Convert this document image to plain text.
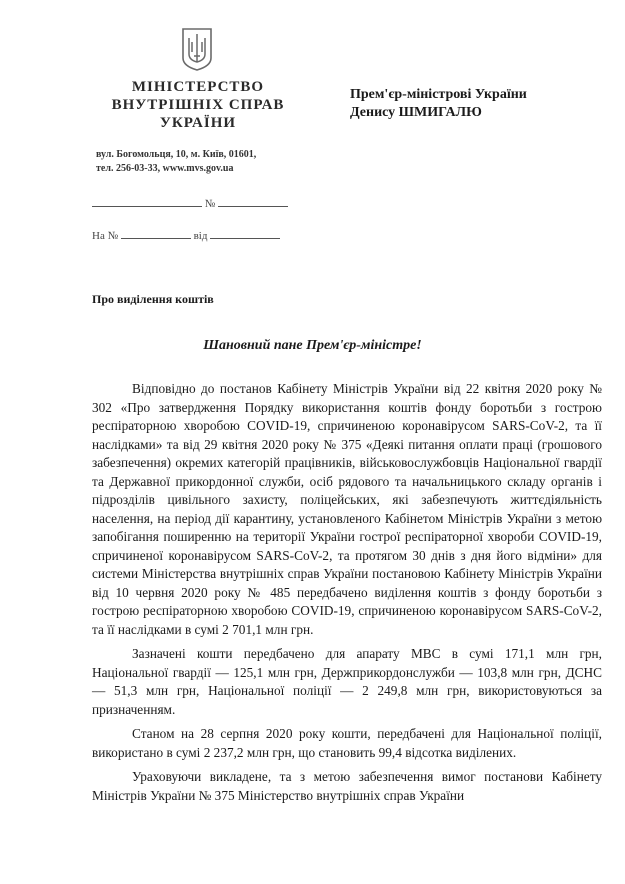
МІНІСТЕРСТВО
ВНУТРІШНІХ СПРАВ
УКРАЇНИ
вул. Богомольця, 10, м. Київ, 01601,
тел. 256-03-33, www.mvs.gov.ua
№
На №	від
Прем'єр-міністрові України
Денису ШМИГАЛЮ
Про виділення коштів
Шановний пане Прем'єр-міністре!

Відповідно до постанов Кабінету Міністрів України від 22 квітня 2020 року № 302 «Про затвердження Порядку використання коштів фонду боротьби з гострою респіраторною хворобою COVID-19, спричиненою коронавірусом SARS-CoV-2, та її наслідками» та від 29 квітня 2020 року № 375 «Деякі питання оплати праці (грошового забезпечення) окремих категорій працівників, військовослужбовців Національної гвардії та Державної прикордонної служби, осіб рядового та начальницького складу органів і підрозділів цивільного захисту, поліцейських, які забезпечують життєдіяльність населення, на період дії карантину, установленого Кабінетом Міністрів України з метою запобігання поширенню на території України гострої респіраторної хвороби COVID-19, спричиненої коронавірусом SARS-CoV-2, та протягом 30 днів з дня його відміни» для системи Міністерства внутрішніх справ України постановою Кабінету Міністрів України від 10 червня 2020 року № 485 передбачено виділення коштів з фонду боротьби з гострою респіраторною хворобою COVID-19, спричиненою коронавірусом SARS-CoV-2, та її наслідками в сумі 2 701,1 млн грн.

Зазначені кошти передбачено для апарату МВС в сумі 171,1 млн грн, Національної гвардії — 125,1 млн грн, Держприкордонслужби — 103,8 млн грн, ДСНС — 51,3 млн грн, Національної поліції — 2 249,8 млн грн, використовуються за призначенням.

Станом на 28 серпня 2020 року кошти, передбачені для Національної поліції, використано в сумі 2 237,2 млн грн, що становить 99,4 відсотка виділених.

Ураховуючи викладене, та з метою забезпечення вимог постанови Кабінету Міністрів України № 375 Міністерство внутрішніх справ України
